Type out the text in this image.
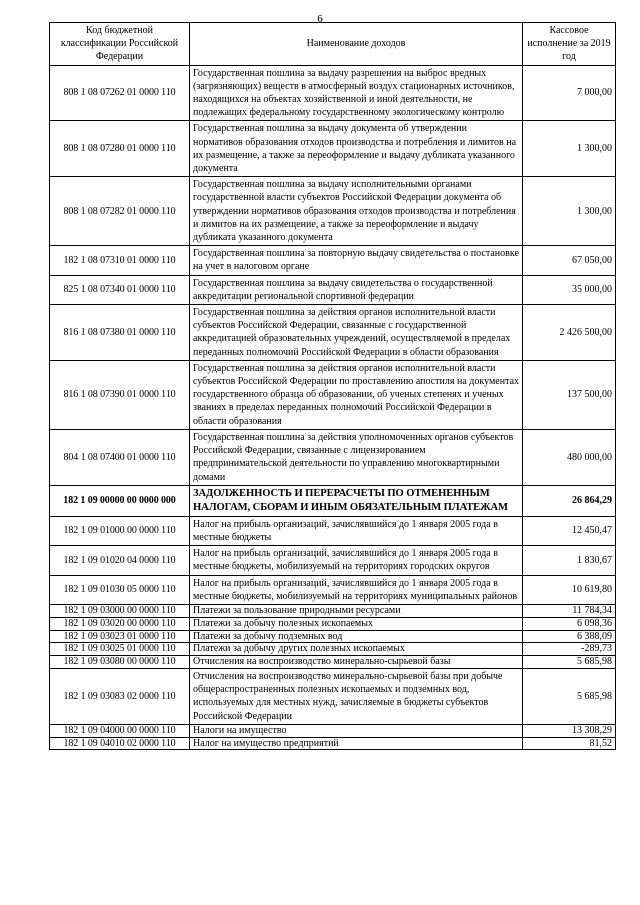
6
Код бюджетной классификации Российской Федерации	Наименование доходов	Кассовое исполнение за 2019 год
808 1 08 07262 01 0000 110	Государственная пошлина за выдачу разрешения на выброс вредных (загрязняющих) веществ в атмосферный воздух стационарных источников, находящихся на объектах хозяйственной и иной деятельности, не подлежащих федеральному государственному экологическому контролю	7 000,00
808 1 08 07280 01 0000 110	Государственная пошлина за выдачу документа об утверждении нормативов образования отходов производства и потребления и лимитов на их размещение, а также за переоформление и выдачу дубликата указанного документа	1 300,00
808 1 08 07282 01 0000 110	Государственная пошлина за выдачу исполнительными органами государственной власти субъектов Российской Федерации документа об утверждении нормативов образования отходов производства и потребления и лимитов на их размещение, а также за переоформление и выдачу дубликата указанного документа	1 300,00
182 1 08 07310 01 0000 110	Государственная пошлина за повторную выдачу свидетельства о постановке на учет в налоговом органе	67 050,00
825 1 08 07340 01 0000 110	Государственная пошлина за выдачу свидетельства о государственной аккредитации региональной спортивной федерации	35 000,00
816 1 08 07380 01 0000 110	Государственная пошлина за действия органов исполнительной власти субъектов Российской Федерации, связанные с государственной аккредитацией образовательных учреждений, осуществляемой в пределах переданных полномочий Российской Федерации в области образования	2 426 500,00
816 1 08 07390 01 0000 110	Государственная пошлина за действия органов исполнительной власти субъектов Российской Федерации по проставлению апостиля на документах государственного образца об образовании, об ученых степенях и ученых званиях в пределах переданных полномочий Российской Федерации в области образования	137 500,00
804 1 08 07400 01 0000 110	Государственная пошлина за действия уполномоченных органов субъектов Российской Федерации, связанные с лицензированием предпринимательской деятельности по управлению многоквартирными домами	480 000,00
182 1 09 00000 00 0000 000	ЗАДОЛЖЕННОСТЬ И ПЕРЕРАСЧЕТЫ ПО ОТМЕНЕННЫМ НАЛОГАМ, СБОРАМ И ИНЫМ ОБЯЗАТЕЛЬНЫМ ПЛАТЕЖАМ	26 864,29
182 1 09 01000 00 0000 110	Налог на прибыль организаций, зачислявшийся до 1 января 2005 года в местные бюджеты	12 450,47
182 1 09 01020 04 0000 110	Налог на прибыль организаций, зачислявшийся до 1 января 2005 года в местные бюджеты, мобилизуемый на территориях городских округов	1 830,67
182 1 09 01030 05 0000 110	Налог на прибыль организаций, зачислявшийся до 1 января 2005 года в местные бюджеты, мобилизуемый на территориях муниципальных районов	10 619,80
182 1 09 03000 00 0000 110	Платежи за пользование природными ресурсами	11 784,34
182 1 09 03020 00 0000 110	Платежи за добычу полезных ископаемых	6 098,36
182 1 09 03023 01 0000 110	Платежи за добычу подземных вод	6 388,09
182 1 09 03025 01 0000 110	Платежи за добычу других полезных ископаемых	-289,73
182 1 09 03080 00 0000 110	Отчисления на воспроизводство минерально-сырьевой базы	5 685,98
182 1 09 03083 02 0000 110	Отчисления на воспроизводство минерально-сырьевой базы при добыче общераспространенных полезных ископаемых и подземных вод, используемых для местных нужд, зачисляемые в бюджеты субъектов Российской Федерации	5 685,98
182 1 09 04000 00 0000 110	Налоги на имущество	13 308,29
182 1 09 04010 02 0000 110	Налог на имущество предприятий	81,52
